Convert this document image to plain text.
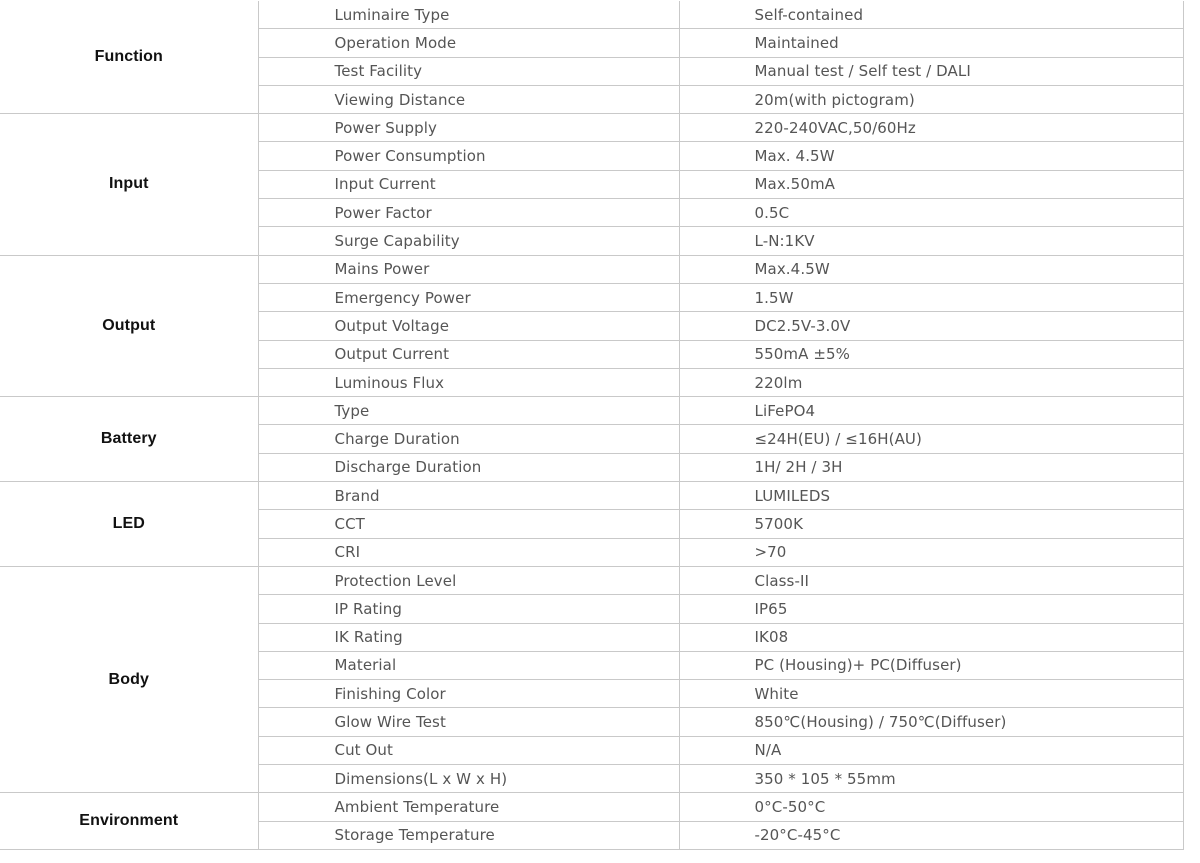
Function	Luminaire Type	Self-contained
	Operation Mode	Maintained
	Test Facility	Manual test / Self test / DALI
	Viewing Distance	20m(with pictogram)
Input	Power Supply	220-240VAC,50/60Hz
	Power Consumption	Max. 4.5W
	Input Current	Max.50mA
	Power Factor	0.5C
	Surge Capability	L-N:1KV
Output	Mains Power	Max.4.5W
	Emergency Power	1.5W
	Output Voltage	DC2.5V-3.0V
	Output Current	550mA ±5%
	Luminous Flux	220lm
Battery	Type	LiFePO4
	Charge Duration	≤24H(EU) / ≤16H(AU)
	Discharge Duration	1H/ 2H / 3H
LED	Brand	LUMILEDS
	CCT	5700K
	CRI	>70
Body	Protection Level	Class-II
	IP Rating	IP65
	IK Rating	IK08
	Material	PC (Housing)+ PC(Diffuser)
	Finishing Color	White
	Glow Wire Test	850℃(Housing) / 750℃(Diffuser)
	Cut Out	N/A
	Dimensions(L x W x H)	350 * 105 * 55mm
Environment	Ambient Temperature	0°C-50°C
	Storage Temperature	-20°C-45°C
